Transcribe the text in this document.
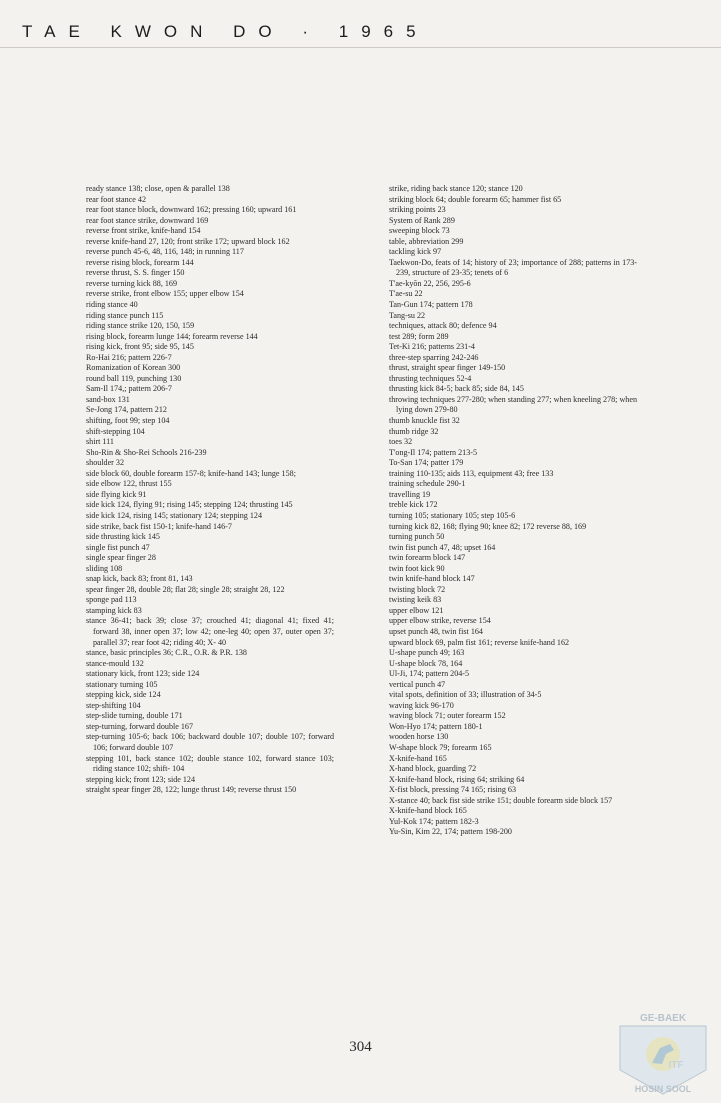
TAE KWON DO · 1965
ready stance 138; close, open & parallel 138
rear foot stance 42
rear foot stance block, downward 162; pressing 160; upward 161
rear foot stance strike, downward 169
reverse front strike, knife-hand 154
reverse knife-hand 27, 120; front strike 172; upward block 162
reverse punch 45-6, 48, 116, 148; in running 117
reverse rising block, forearm 144
reverse thrust, S. S. finger 150
reverse turning kick 88, 169
reverse strike, front elbow 155; upper elbow 154
riding stance 40
riding stance punch 115
riding stance strike 120, 150, 159
rising block, forearm lunge 144; forearm reverse 144
rising kick, front 95; side 95, 145
Ro-Hai 216; pattern 226-7
Romanization of Korean 300
round ball 119, punching 130
Sam-Il 174,; pattern 206-7
sand-box 131
Se-Jong 174, pattern 212
shifting, foot 99; step 104
shift-stepping 104
shirt 111
Sho-Rin & Sho-Rei Schools 216-239
shoulder 32
side block 60, double forearm 157-8; knife-hand 143; lunge 158;
side elbow 122, thrust 155
side flying kick 91
side kick 124, flying 91; rising 145; stepping 124; thrusting 145
side kick 124, rising 145; stationary 124; stepping 124
side strike, back fist 150-1; knife-hand 146-7
side thrusting kick 145
single fist punch 47
single spear finger 28
sliding 108
snap kick, back 83; front 81, 143
spear finger 28, double 28; flat 28; single 28; straight 28, 122
sponge pad 113
stamping kick 83
stance 36-41; back 39; close 37; crouched 41; diagonal 41; fixed 41; forward 38, inner open 37; low 42; one-leg 40; open 37, outer open 37; parallel 37; rear foot 42; riding 40; X- 40
stance, basic principles 36; C.R., O.R. & P.R. 138
stance-mould 132
stationary kick, front 123; side 124
stationary turning 105
stepping kick, side 124
step-shifting 104
step-slide turning, double 171
step-turning, forward double 167
step-turning 105-6; back 106; backward double 107; double 107; forward 106; forward double 107
stepping 101, back stance 102; double stance 102, forward stance 103; riding stance 102; shift- 104
stepping kick; front 123; side 124
straight spear finger 28, 122; lunge thrust 149; reverse thrust 150
strike, riding back stance 120; stance 120
striking block 64; double forearm 65; hammer fist 65
striking points 23
System of Rank 289
sweeping block 73
table, abbreviation 299
tackling kick 97
Taekwon-Do, feats of 14; history of 23; importance of 288; patterns in 173-239, structure of 23-35; tenets of 6
T'ae-kyŏn 22, 256, 295-6
T'ae-su 22
Tan-Gun 174; pattern 178
Tang-su 22
techniques, attack 80; defence 94
test 289; form 289
Tet-Ki 216; patterns 231-4
three-step sparring 242-246
thrust, straight spear finger 149-150
thrusting techniques 52-4
thrusting kick 84-5; back 85; side 84, 145
throwing techniques 277-280; when standing 277; when kneeling 278; when lying down 279-80
thumb knuckle fist 32
thumb ridge 32
toes 32
T'ong-Il 174; pattern 213-5
To-San 174; patter 179
training 110-135; aids 113, equipment 43; free 133
training schedule 290-1
travelling 19
treble kick 172
turning 105; stationary 105; step 105-6
turning kick 82, 168; flying 90; knee 82; 172 reverse 88, 169
turning punch 50
twin fist punch 47, 48; upset 164
twin forearm block 147
twin foot kick 90
twin knife-hand block 147
twisting block 72
twisting keik 83
upper elbow 121
upper elbow strike, reverse 154
upset punch 48, twin fist 164
upward block 69, palm fist 161; reverse knife-hand 162
U-shape punch 49; 163
U-shape block 78, 164
Ul-Ji, 174; pattern 204-5
vertical punch 47
vital spots, definition of 33; illustration of 34-5
waving kick 96-170
waving block 71; outer forearm 152
Won-Hyo 174; pattern 180-1
wooden horse 130
W-shape block 79; forearm 165
X-knife-hand 165
X-hand block, guarding 72
X-knife-hand block, rising 64; striking 64
X-fist block, pressing 74 165; rising 63
X-stance 40; back fist side strike 151; double forearm side block 157
X-knife-hand block 165
Yul-Kok 174; pattern 182-3
Yu-Sin, Kim 22, 174; pattern 198-200
304
GE-BAEK
ITF
HOSIN SOOL
